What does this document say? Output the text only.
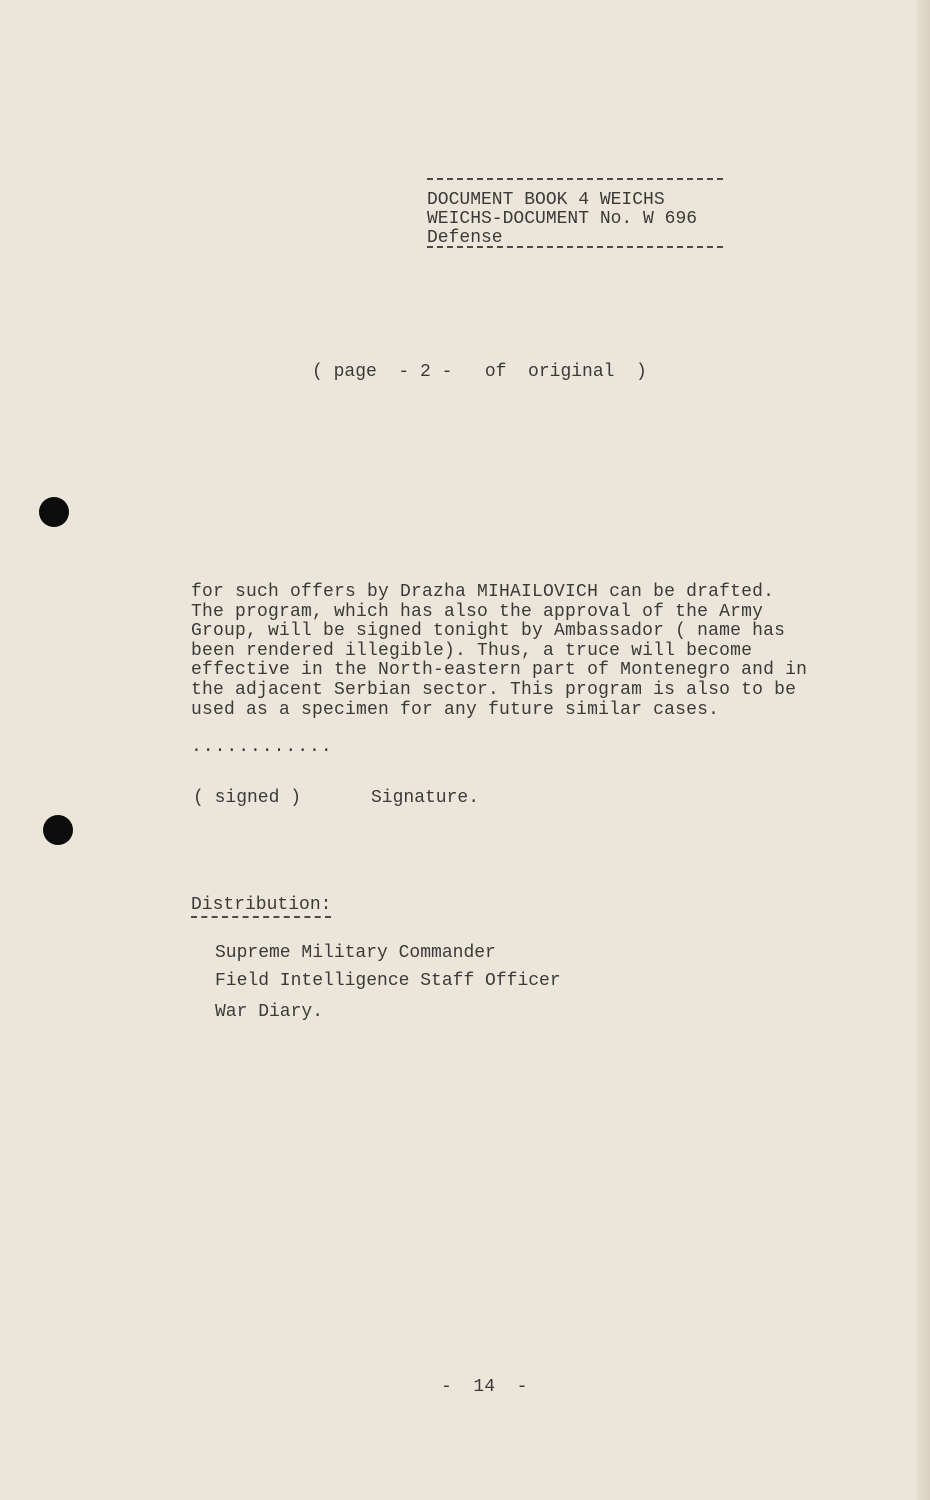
DOCUMENT BOOK 4 WEICHS
WEICHS-DOCUMENT No. W 696
Defense
( page  - 2 -   of  original  )
for such offers by Drazha MIHAILOVICH can be drafted.
The program, which has also the approval of the Army
Group, will be signed tonight by Ambassador ( name has
been rendered illegible). Thus, a truce will become
effective in the North-eastern part of Montenegro and in
the adjacent Serbian sector. This program is also to be
used as a specimen for any future similar cases.
............
( signed )	Signature.
Distribution:
Supreme Military Commander
Field Intelligence Staff Officer
War Diary.
-  14  -
